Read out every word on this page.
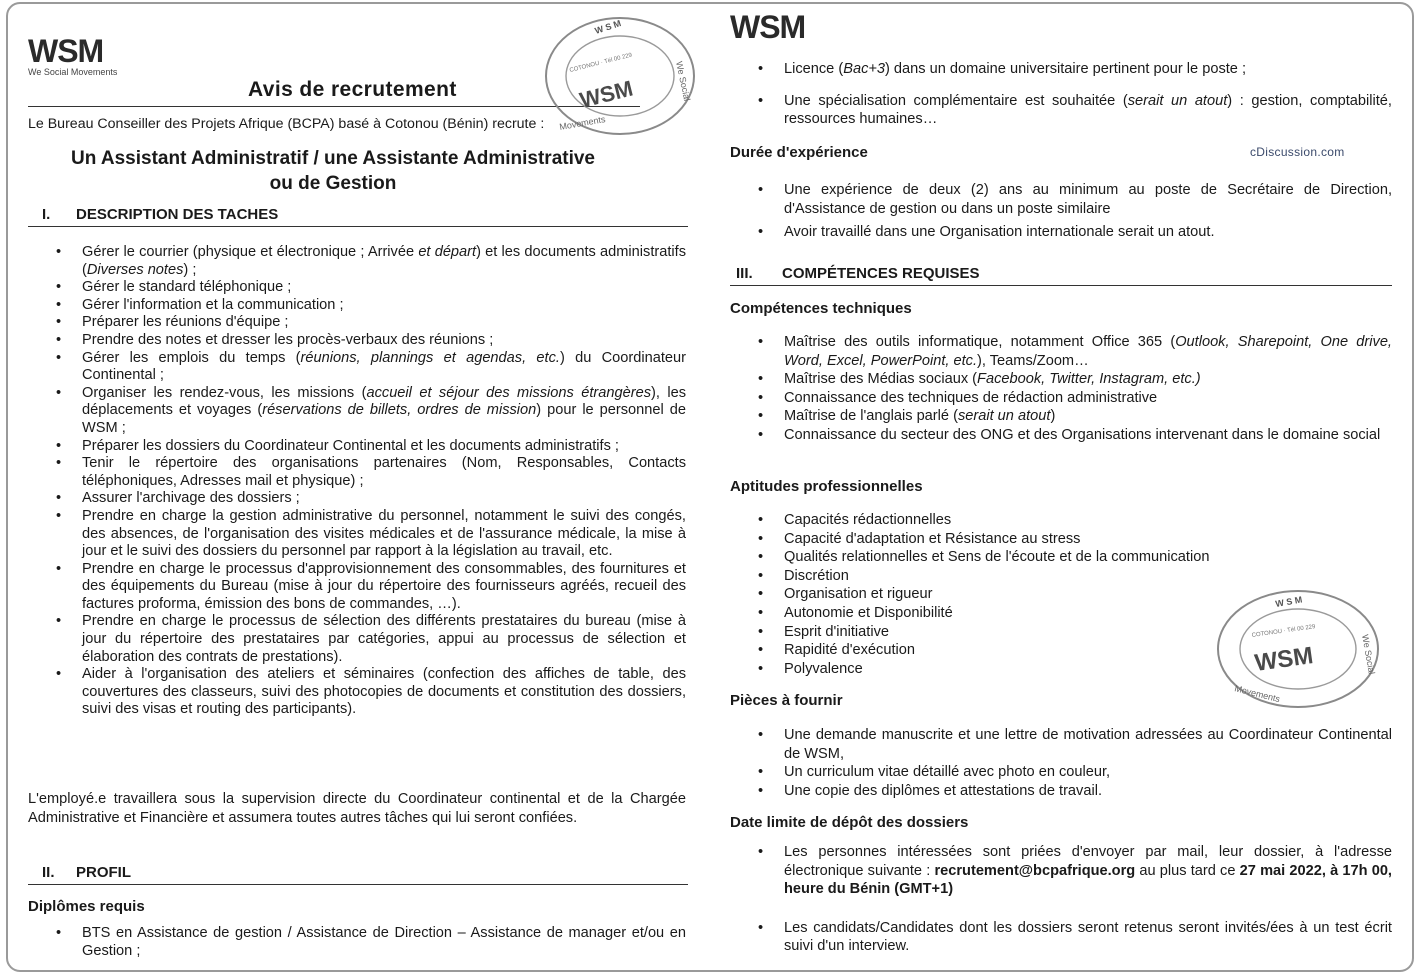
WSM
We Social Movements
Avis de recrutement
Le Bureau Conseiller des Projets Afrique (BCPA) basé à Cotonou (Bénin) recrute :
Un Assistant Administratif / une Assistante Administrative
ou de Gestion
I. DESCRIPTION DES TACHES
• Gérer le courrier (physique et électronique ; Arrivée et départ) et les documents administratifs (Diverses notes) ;
• Gérer le standard téléphonique ;
• Gérer l'information et la communication ;
• Préparer les réunions d'équipe ;
• Prendre des notes et dresser les procès-verbaux des réunions ;
• Gérer les emplois du temps (réunions, plannings et agendas, etc.) du Coordinateur Continental ;
• Organiser les rendez-vous, les missions (accueil et séjour des missions étrangères), les déplacements et voyages (réservations de billets, ordres de mission) pour le personnel de WSM ;
• Préparer les dossiers du Coordinateur Continental et les documents administratifs ;
• Tenir le répertoire des organisations partenaires (Nom, Responsables, Contacts téléphoniques, Adresses mail et physique) ;
• Assurer l'archivage des dossiers ;
• Prendre en charge la gestion administrative du personnel, notamment le suivi des congés, des absences, de l'organisation des visites médicales et de l'assurance médicale, la mise à jour et le suivi des dossiers du personnel par rapport à la législation au travail, etc.
• Prendre en charge le processus d'approvisionnement des consommables, des fournitures et des équipements du Bureau (mise à jour du répertoire des fournisseurs agréés, recueil des factures proforma, émission des bons de commandes, …).
• Prendre en charge le processus de sélection des différents prestataires du bureau (mise à jour du répertoire des prestataires par catégories, appui au processus de sélection et élaboration des contrats de prestations).
• Aider à l'organisation des ateliers et séminaires (confection des affiches de table, des couvertures des classeurs, suivi des photocopies de documents et constitution des dossiers, suivi des visas et routing des participants).
L'employé.e travaillera sous la supervision directe du Coordinateur continental et de la Chargée Administrative et Financière et assumera toutes autres tâches qui lui seront confiées.
II. PROFIL
Diplômes requis
• BTS en Assistance de gestion / Assistance de Direction – Assistance de manager et/ou en Gestion ;
W S M
COTONOU · Tél 00 229
WSM
Movements
We Social
WSM
• Licence (Bac+3) dans un domaine universitaire pertinent pour le poste ;
• Une spécialisation complémentaire est souhaitée (serait un atout) : gestion, comptabilité, ressources humaines…
Durée d'expérience
• Une expérience de deux (2) ans au minimum au poste de Secrétaire de Direction, d'Assistance de gestion ou dans un poste similaire
• Avoir travaillé dans une Organisation internationale serait un atout.
III. COMPÉTENCES REQUISES
Compétences techniques
• Maîtrise des outils informatique, notamment Office 365 (Outlook, Sharepoint, One drive, Word, Excel, PowerPoint, etc.), Teams/Zoom…
• Maîtrise des Médias sociaux (Facebook, Twitter, Instagram, etc.)
• Connaissance des techniques de rédaction administrative
• Maîtrise de l'anglais parlé (serait un atout)
• Connaissance du secteur des ONG et des Organisations intervenant dans le domaine social
Aptitudes professionnelles
• Capacités rédactionnelles
• Capacité d'adaptation et Résistance au stress
• Qualités relationnelles et Sens de l'écoute et de la communication
• Discrétion
• Organisation et rigueur
• Autonomie et Disponibilité
• Esprit d'initiative
• Rapidité d'exécution
• Polyvalence
Pièces à fournir
• Une demande manuscrite et une lettre de motivation adressées au Coordinateur Continental de WSM,
• Un curriculum vitae détaillé avec photo en couleur,
• Une copie des diplômes et attestations de travail.
Date limite de dépôt des dossiers
• Les personnes intéressées sont priées d'envoyer par mail, leur dossier, à l'adresse électronique suivante : recrutement@bcpafrique.org au plus tard ce 27 mai 2022, à 17h 00, heure du Bénin (GMT+1)
• Les candidats/Candidates dont les dossiers seront retenus seront invités/ées à un test écrit suivi d'un interview.
cDiscussion.com
W S M
COTONOU · Tél 00 229
WSM
Movements
We Social
